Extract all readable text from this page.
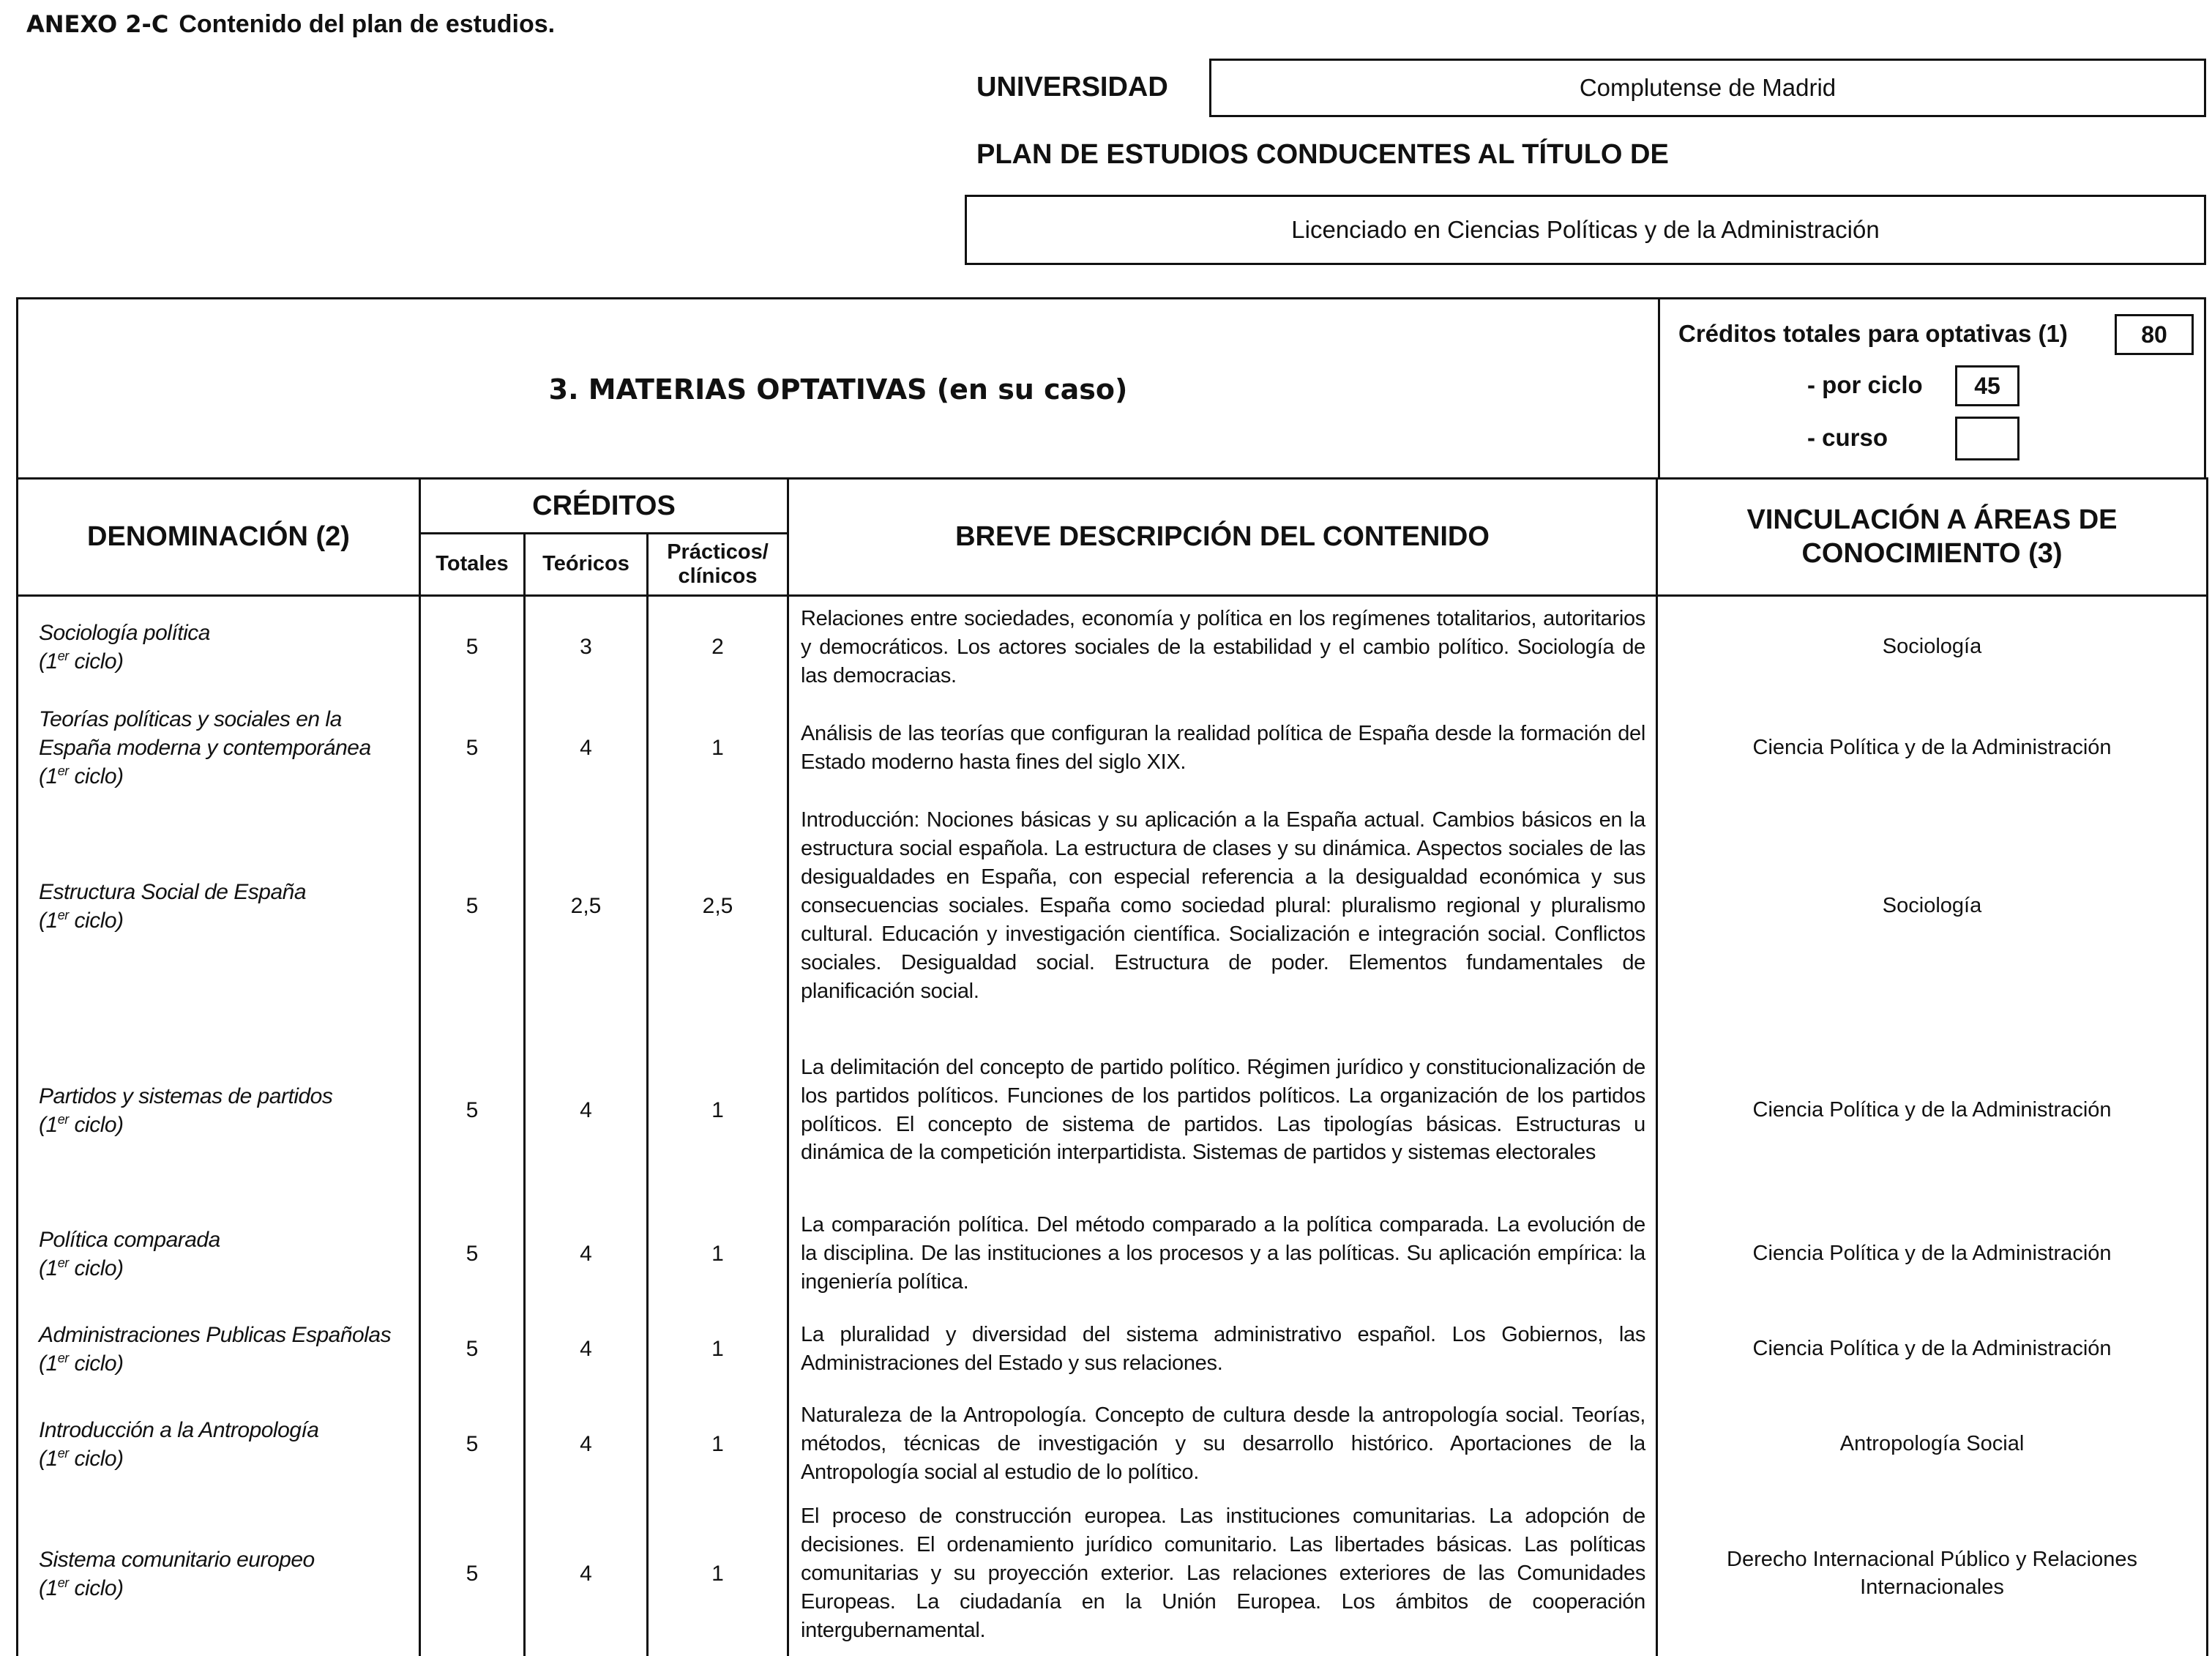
ANEXO 2-C Contenido del plan de estudios.
UNIVERSIDAD	Complutense de Madrid
PLAN DE ESTUDIOS CONDUCENTES AL TÍTULO DE
Licenciado en Ciencias Políticas y de la Administración
3. MATERIAS OPTATIVAS (en su caso)
Créditos totales para optativas (1)	80
- por ciclo 45
- curso
DENOMINACIÓN (2)	CRÉDITOS			BREVE DESCRIPCIÓN DEL CONTENIDO	VINCULACIÓN A ÁREAS DE
CONOCIMIENTO (3)
	Totales	Teóricos	Prácticos/
clínicos		
Sociología política
(1er ciclo)	5	3	2	Relaciones entre sociedades, economía y política en los regímenes totalitarios, autoritarios y democráticos. Los actores sociales de la estabilidad y el cambio político. Sociología de las democracias.	Sociología
Teorías políticas y sociales en la España moderna y contemporánea
(1er ciclo)	5	4	1	Análisis de las teorías que configuran la realidad política de España desde la formación del Estado moderno hasta fines del siglo XIX.	Ciencia Política y de la Administración
Estructura Social de España
(1er ciclo)	5	2,5	2,5	Introducción: Nociones básicas y su aplicación a la España actual. Cambios básicos en la estructura social española. La estructura de clases y su dinámica. Aspectos sociales de las desigualdades en España, con especial referencia a la desigualdad económica y sus consecuencias sociales. España como sociedad plural: pluralismo regional y pluralismo cultural. Educación y investigación científica. Socialización e integración social. Conflictos sociales. Desigualdad social. Estructura de poder. Elementos fundamentales de planificación social.	Sociología
Partidos y sistemas de partidos
(1er ciclo)	5	4	1	La delimitación del concepto de partido político. Régimen jurídico y constitucionalización de los partidos políticos. Funciones de los partidos políticos. La organización de los partidos políticos. El concepto de sistema de partidos. Las tipologías básicas. Estructuras u dinámica de la competición interpartidista. Sistemas de partidos y sistemas electorales	Ciencia Política y de la Administración
Política comparada
(1er ciclo)	5	4	1	La comparación política. Del método comparado a la política comparada. La evolución de la disciplina. De las instituciones a los procesos y a las políticas. Su aplicación empírica: la ingeniería política.	Ciencia Política y de la Administración
Administraciones Publicas Españolas
(1er ciclo)	5	4	1	La pluralidad y diversidad del sistema administrativo español. Los Gobiernos, las Administraciones del Estado y sus relaciones.	Ciencia Política y de la Administración
Introducción a la Antropología
(1er ciclo)	5	4	1	Naturaleza de la Antropología. Concepto de cultura desde la antropología social. Teorías, métodos, técnicas de investigación y su desarrollo histórico. Aportaciones de la Antropología social al estudio de lo político.	Antropología Social
Sistema comunitario europeo
(1er ciclo)	5	4	1	El proceso de construcción europea. Las instituciones comunitarias. La adopción de decisiones. El ordenamiento jurídico comunitario. Las libertades básicas. Las políticas comunitarias y su proyección exterior. Las relaciones exteriores de las Comunidades Europeas. La ciudadanía en la Unión Europea. Los ámbitos de cooperación intergubernamental.	Derecho Internacional Público y Relaciones Internacionales
